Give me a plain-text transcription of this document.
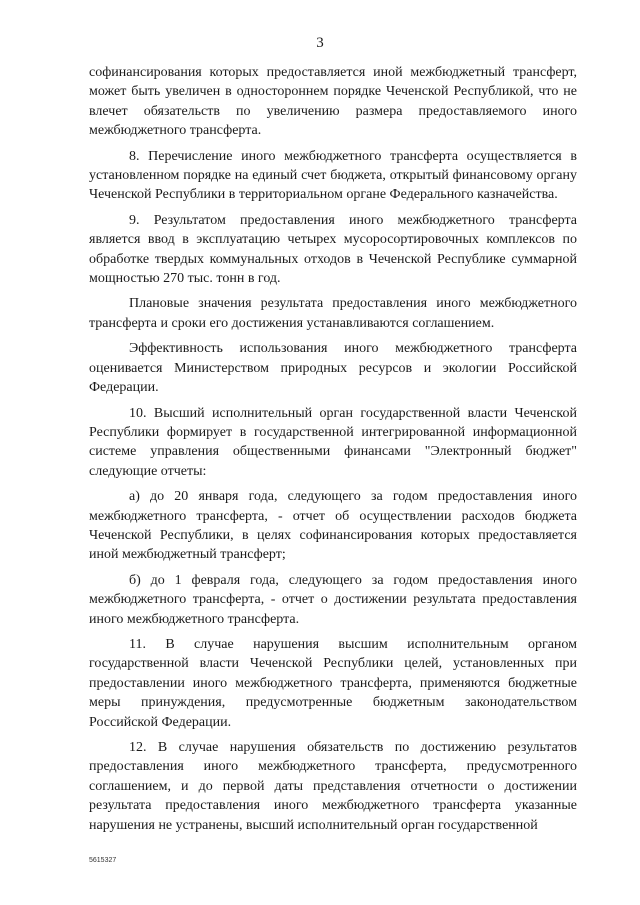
3

софинансирования которых предоставляется иной межбюджетный трансферт, может быть увеличен в одностороннем порядке Чеченской Республикой, что не влечет обязательств по увеличению размера предоставляемого иного межбюджетного трансферта.

8. Перечисление иного межбюджетного трансферта осуществляется в установленном порядке на единый счет бюджета, открытый финансовому органу Чеченской Республики в территориальном органе Федерального казначейства.

9. Результатом предоставления иного межбюджетного трансферта является ввод в эксплуатацию четырех мусоросортировочных комплексов по обработке твердых коммунальных отходов в Чеченской Республике суммарной мощностью 270 тыс. тонн в год.

Плановые значения результата предоставления иного межбюджетного трансферта и сроки его достижения устанавливаются соглашением.

Эффективность использования иного межбюджетного трансферта оценивается Министерством природных ресурсов и экологии Российской Федерации.

10. Высший исполнительный орган государственной власти Чеченской Республики формирует в государственной интегрированной информационной системе управления общественными финансами "Электронный бюджет" следующие отчеты:

а) до 20 января года, следующего за годом предоставления иного межбюджетного трансферта, - отчет об осуществлении расходов бюджета Чеченской Республики, в целях софинансирования которых предоставляется иной межбюджетный трансферт;

б) до 1 февраля года, следующего за годом предоставления иного межбюджетного трансферта, - отчет о достижении результата предоставления иного межбюджетного трансферта.

11. В случае нарушения высшим исполнительным органом государственной власти Чеченской Республики целей, установленных при предоставлении иного межбюджетного трансферта, применяются бюджетные меры принуждения, предусмотренные бюджетным законодательством Российской Федерации.

12. В случае нарушения обязательств по достижению результатов предоставления иного межбюджетного трансферта, предусмотренного соглашением, и до первой даты представления отчетности о достижении результата предоставления иного межбюджетного трансферта указанные нарушения не устранены, высший исполнительный орган государственной

5615327
